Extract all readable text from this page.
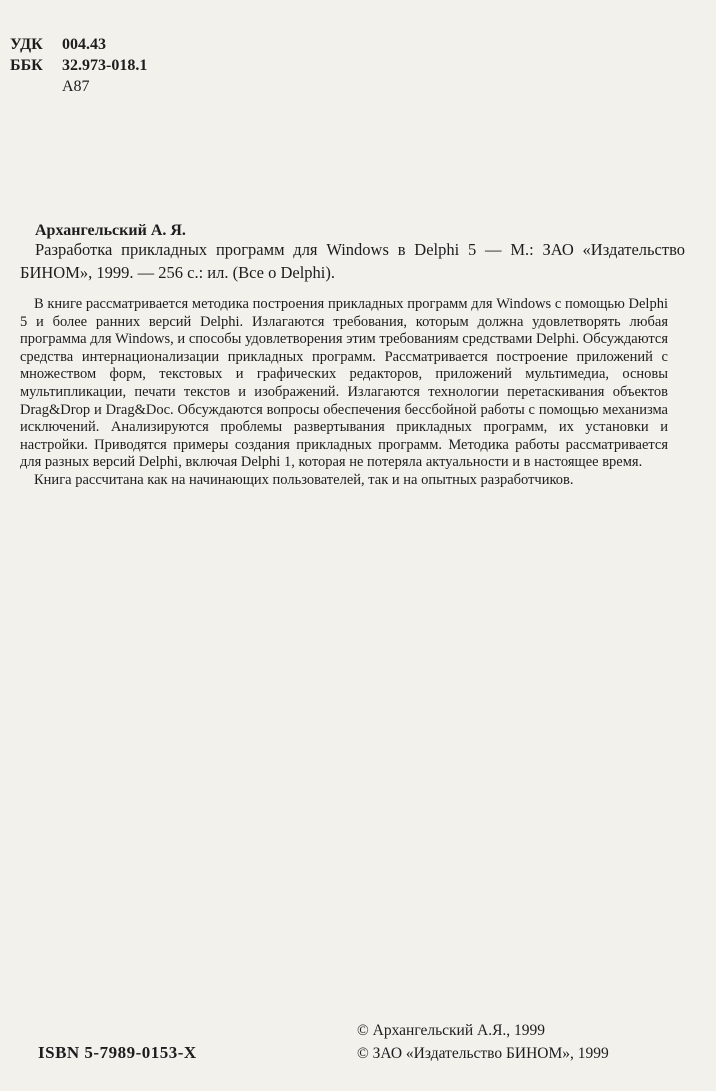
УДК	004.43
ББК	32.973-018.1
А87
Архангельский А. Я.
Разработка прикладных программ для Windows в Delphi 5 — М.: ЗАО «Издательство БИНОМ», 1999. — 256 с.: ил. (Все о Delphi).

В книге рассматривается методика построения прикладных программ для Windows с помощью Delphi 5 и более ранних версий Delphi. Излагаются требования, которым должна удовлетворять любая программа для Windows, и способы удовлетворения этим требованиям средствами Delphi. Обсуждаются средства интернационализации прикладных программ. Рассматривается построение приложений с множеством форм, текстовых и графических редакторов, приложений мультимедиа, основы мультипликации, печати текстов и изображений. Излагаются технологии перетаскивания объектов Drag&Drop и Drag&Doc. Обсуждаются вопросы обеспечения бесcбойной работы с помощью механизма исключений. Анализируются проблемы развертывания прикладных программ, их установки и настройки. Приводятся примеры создания прикладных программ. Методика работы рассматривается для разных версий Delphi, включая Delphi 1, которая не потеряла актуальности и в настоящее время.

Книга рассчитана как на начинающих пользователей, так и на опытных разработчиков.

ISBN 5-7989-0153-X
© Архангельский А.Я., 1999
© ЗАО «Издательство БИНОМ», 1999
